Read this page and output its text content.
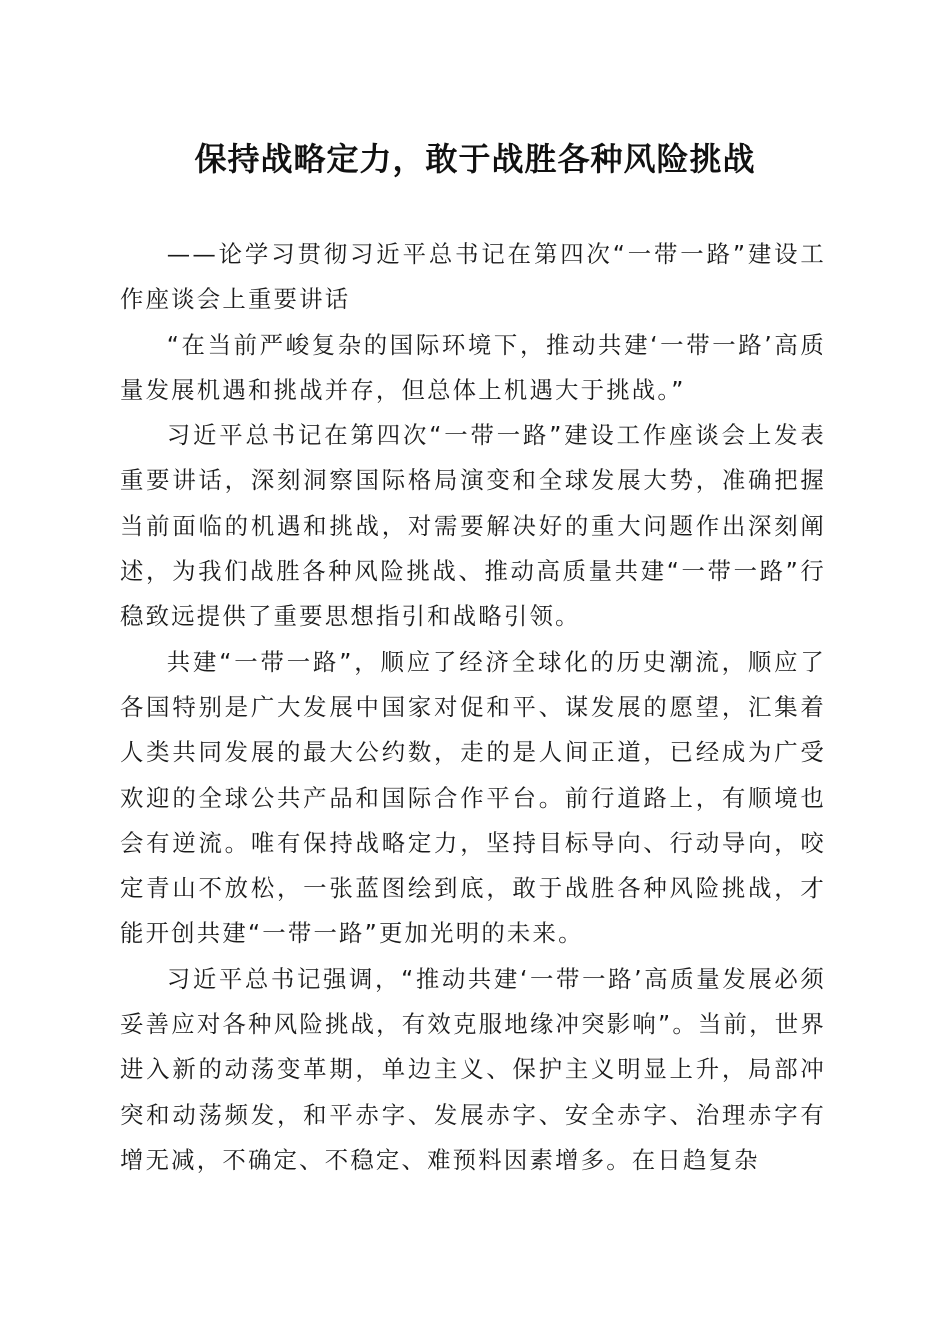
保持战略定力，敢于战胜各种风险挑战

——论学习贯彻习近平总书记在第四次“一带一路”建设工作座谈会上重要讲话

“在当前严峻复杂的国际环境下，推动共建‘一带一路’高质量发展机遇和挑战并存，但总体上机遇大于挑战。”

习近平总书记在第四次“一带一路”建设工作座谈会上发表重要讲话，深刻洞察国际格局演变和全球发展大势，准确把握当前面临的机遇和挑战，对需要解决好的重大问题作出深刻阐述，为我们战胜各种风险挑战、推动高质量共建“一带一路”行稳致远提供了重要思想指引和战略引领。

共建“一带一路”，顺应了经济全球化的历史潮流，顺应了各国特别是广大发展中国家对促和平、谋发展的愿望，汇集着人类共同发展的最大公约数，走的是人间正道，已经成为广受欢迎的全球公共产品和国际合作平台。前行道路上，有顺境也会有逆流。唯有保持战略定力，坚持目标导向、行动导向，咬定青山不放松，一张蓝图绘到底，敢于战胜各种风险挑战，才能开创共建“一带一路”更加光明的未来。

习近平总书记强调，“推动共建‘一带一路’高质量发展必须妥善应对各种风险挑战，有效克服地缘冲突影响”。当前，世界进入新的动荡变革期，单边主义、保护主义明显上升，局部冲突和动荡频发，和平赤字、发展赤字、安全赤字、治理赤字有增无减，不确定、不稳定、难预料因素增多。在日趋复杂
